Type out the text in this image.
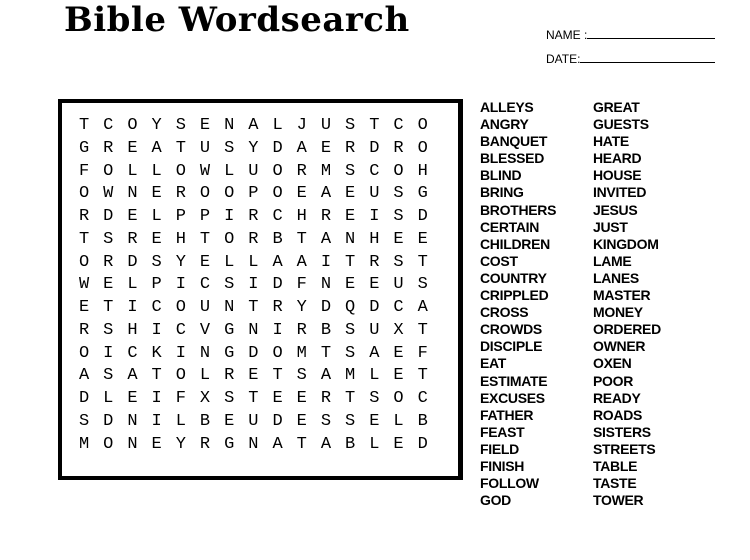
Bible Wordsearch	NAME :
DATE:
T C O Y S E N A L J U S T C O
G R E A T U S Y D A E R D R O
F O L L O W L U O R M S C O H
O W N E R O O P O E A E U S G
R D E L P P I R C H R E I S D
T S R E H T O R B T A N H E E
O R D S Y E L L A A I T R S T
W E L P I C S I D F N E E U S
E T I C O U N T R Y D Q D C A
R S H I C V G N I R B S U X T
O I C K I N G D O M T S A E F
A S A T O L R E T S A M L E T
D L E I F X S T E E R T S O C
S D N I L B E U D E S S E L B
M O N E Y R G N A T A B L E D
ALLEYS
ANGRY
BANQUET
BLESSED
BLIND
BRING
BROTHERS
CERTAIN
CHILDREN
COST
COUNTRY
CRIPPLED
CROSS
CROWDS
DISCIPLE
EAT
ESTIMATE
EXCUSES
FATHER
FEAST
FIELD
FINISH
FOLLOW
GOD
GREAT
GUESTS
HATE
HEARD
HOUSE
INVITED
JESUS
JUST
KINGDOM
LAME
LANES
MASTER
MONEY
ORDERED
OWNER
OXEN
POOR
READY
ROADS
SISTERS
STREETS
TABLE
TASTE
TOWER
